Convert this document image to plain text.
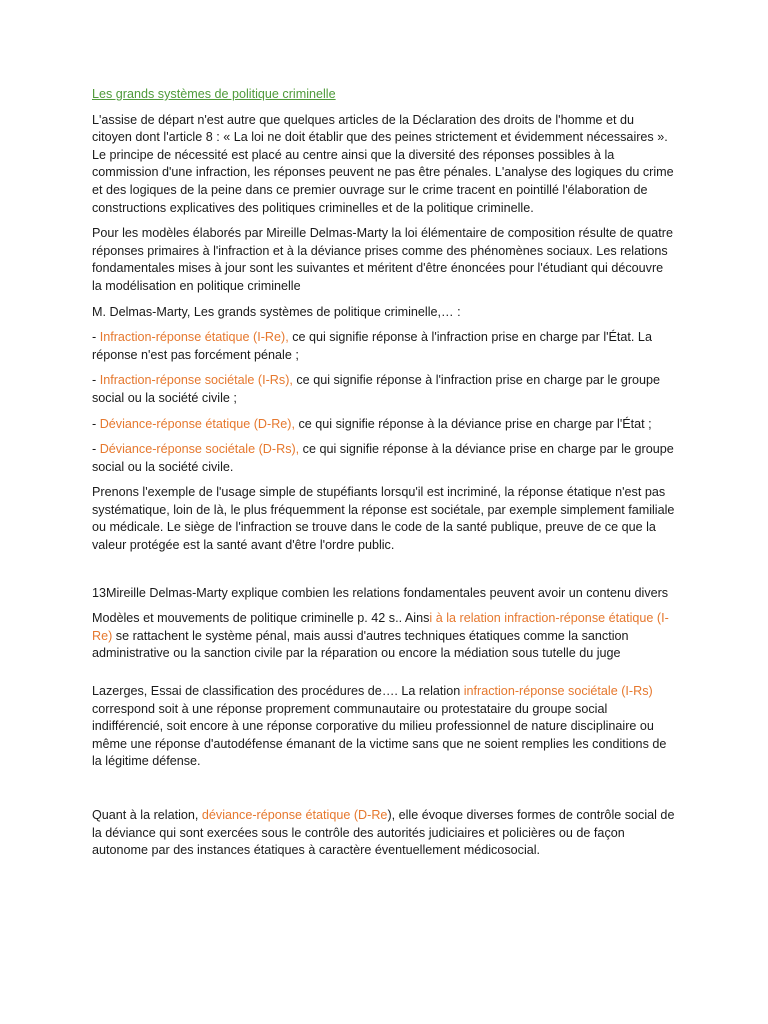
Les grands systèmes de politique criminelle

L'assise de départ n'est autre que quelques articles de la Déclaration des droits de l'homme et du citoyen dont l'article 8 : « La loi ne doit établir que des peines strictement et évidemment nécessaires ». Le principe de nécessité est placé au centre ainsi que la diversité des réponses possibles à la commission d'une infraction, les réponses peuvent ne pas être pénales. L'analyse des logiques du crime et des logiques de la peine dans ce premier ouvrage sur le crime tracent en pointillé l'élaboration de constructions explicatives des politiques criminelles et de la politique criminelle.

Pour les modèles élaborés par Mireille Delmas-Marty la loi élémentaire de composition résulte de quatre réponses primaires à l'infraction et à la déviance prises comme des phénomènes sociaux. Les relations fondamentales mises à jour sont les suivantes et méritent d'être énoncées pour l'étudiant qui découvre la modélisation en politique criminelle

M. Delmas-Marty, Les grands systèmes de politique criminelle,… :

- Infraction-réponse étatique (I-Re), ce qui signifie réponse à l'infraction prise en charge par l'État. La réponse n'est pas forcément pénale ;

- Infraction-réponse sociétale (I-Rs), ce qui signifie réponse à l'infraction prise en charge par le groupe social ou la société civile ;

- Déviance-réponse étatique (D-Re), ce qui signifie réponse à la déviance prise en charge par l'État ;

- Déviance-réponse sociétale (D-Rs), ce qui signifie réponse à la déviance prise en charge par le groupe social ou la société civile.

Prenons l'exemple de l'usage simple de stupéfiants lorsqu'il est incriminé, la réponse étatique n'est pas systématique, loin de là, le plus fréquemment la réponse est sociétale, par exemple simplement familiale ou médicale. Le siège de l'infraction se trouve dans le code de la santé publique, preuve de ce que la valeur protégée est la santé avant d'être l'ordre public.

13Mireille Delmas-Marty explique combien les relations fondamentales peuvent avoir un contenu divers

Modèles et mouvements de politique criminelle p. 42 s.. Ainsi à la relation infraction-réponse étatique (I-Re) se rattachent le système pénal, mais aussi d'autres techniques étatiques comme la sanction administrative ou la sanction civile par la réparation ou encore la médiation sous tutelle du juge

Lazerges, Essai de classification des procédures de…. La relation infraction-réponse sociétale (I-Rs) correspond soit à une réponse proprement communautaire ou protestataire du groupe social indifférencié, soit encore à une réponse corporative du milieu professionnel de nature disciplinaire ou même une réponse d'autodéfense émanant de la victime sans que ne soient remplies les conditions de la légitime défense.

Quant à la relation, déviance-réponse étatique (D-Re), elle évoque diverses formes de contrôle social de la déviance qui sont exercées sous le contrôle des autorités judiciaires et policières ou de façon autonome par des instances étatiques à caractère éventuellement médicosocial.
